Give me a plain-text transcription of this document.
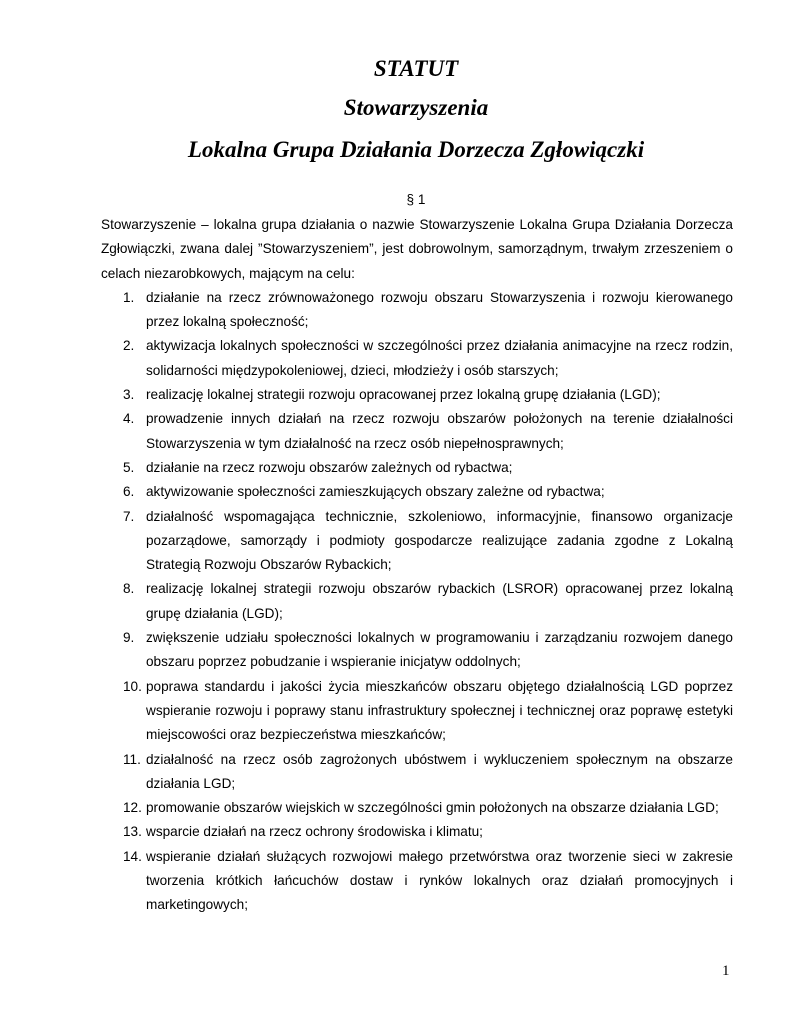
STATUT
Stowarzyszenia
Lokalna Grupa Działania Dorzecza Zgłowiączki
§ 1

Stowarzyszenie – lokalna grupa działania o nazwie Stowarzyszenie Lokalna Grupa Działania Dorzecza Zgłowiączki, zwana dalej ”Stowarzyszeniem”, jest dobrowolnym, samorządnym, trwałym zrzeszeniem o celach niezarobkowych, mającym na celu:

1. działanie na rzecz zrównoważonego rozwoju obszaru Stowarzyszenia i rozwoju kierowanego przez lokalną społeczność;
2. aktywizacja lokalnych społeczności w szczególności przez działania animacyjne na rzecz rodzin, solidarności międzypokoleniowej, dzieci, młodzieży i osób starszych;
3. realizację lokalnej strategii rozwoju opracowanej przez lokalną grupę działania (LGD);
4. prowadzenie innych działań na rzecz rozwoju obszarów położonych na terenie działalności Stowarzyszenia w tym działalność na rzecz osób niepełnosprawnych;
5. działanie na rzecz rozwoju obszarów zależnych od rybactwa;
6. aktywizowanie społeczności zamieszkujących obszary zależne od rybactwa;
7. działalność wspomagająca technicznie, szkoleniowo, informacyjnie, finansowo organizacje pozarządowe, samorządy i podmioty gospodarcze realizujące zadania zgodne z Lokalną Strategią Rozwoju Obszarów Rybackich;
8. realizację lokalnej strategii rozwoju obszarów rybackich (LSROR) opracowanej przez lokalną grupę działania (LGD);
9. zwiększenie udziału społeczności lokalnych w programowaniu i zarządzaniu rozwojem danego obszaru poprzez pobudzanie i wspieranie inicjatyw oddolnych;
10. poprawa standardu i jakości życia mieszkańców obszaru objętego działalnością LGD poprzez wspieranie rozwoju i poprawy stanu infrastruktury społecznej i technicznej oraz poprawę estetyki miejscowości oraz bezpieczeństwa mieszkańców;
11. działalność na rzecz osób zagrożonych ubóstwem i wykluczeniem społecznym na obszarze działania LGD;
12. promowanie obszarów wiejskich w szczególności gmin położonych na obszarze działania LGD;
13. wsparcie działań na rzecz ochrony środowiska i klimatu;
14. wspieranie działań służących rozwojowi małego przetwórstwa oraz tworzenie sieci w zakresie tworzenia krótkich łańcuchów dostaw i rynków lokalnych oraz działań promocyjnych i marketingowych;
1
